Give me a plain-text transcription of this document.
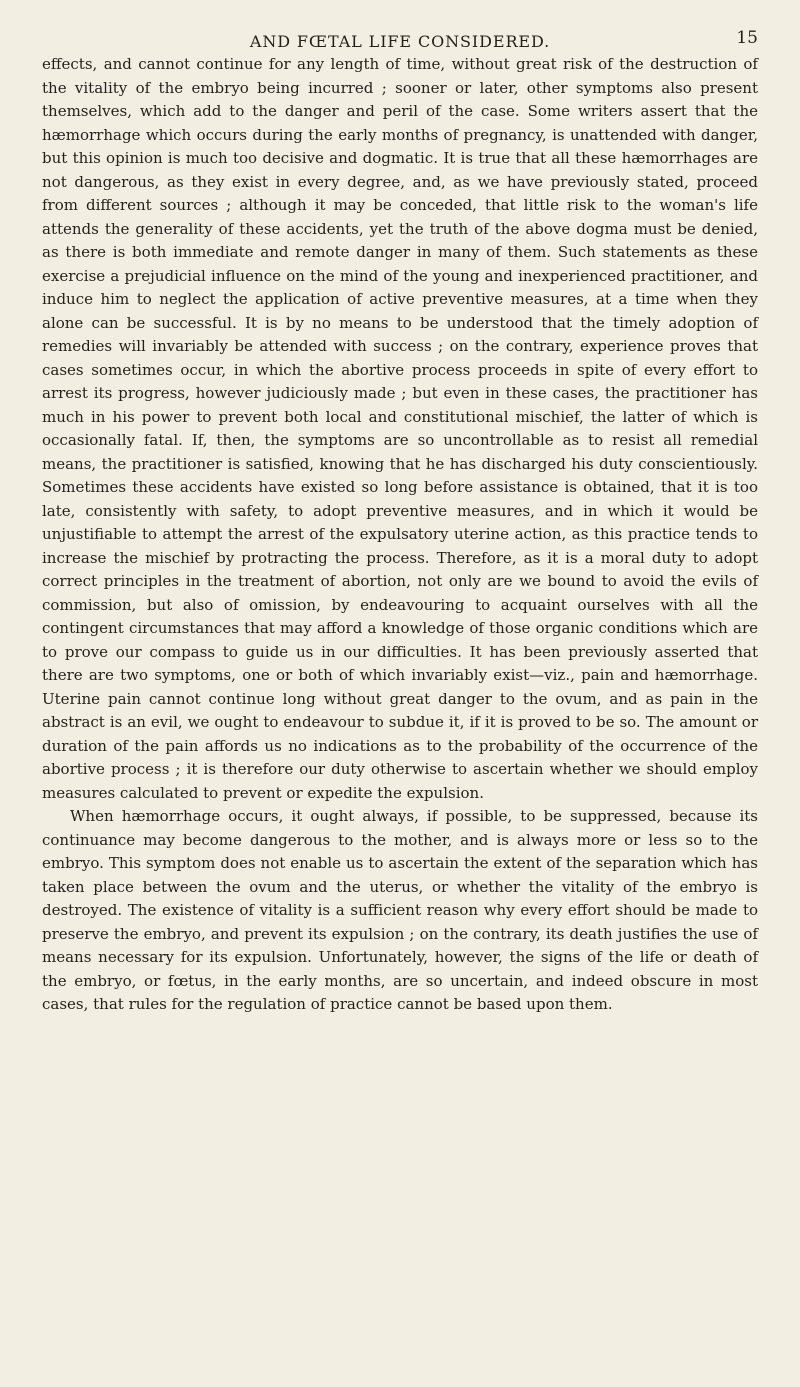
AND FŒTAL LIFE CONSIDERED.	15

effects, and cannot continue for any length of time, without great risk of the destruction of the vitality of the embryo being incurred ; sooner or later, other symptoms also present themselves, which add to the danger and peril of the case. Some writers assert that the hæmorrhage which occurs during the early months of pregnancy, is unattended with danger, but this opinion is much too decisive and dogmatic. It is true that all these hæmorrhages are not dangerous, as they exist in every degree, and, as we have previously stated, proceed from different sources ; although it may be conceded, that little risk to the woman's life attends the generality of these accidents, yet the truth of the above dogma must be denied, as there is both immediate and remote danger in many of them. Such statements as these exercise a prejudicial influence on the mind of the young and inexperienced practitioner, and induce him to neglect the application of active preventive measures, at a time when they alone can be successful. It is by no means to be understood that the timely adoption of remedies will invariably be attended with success ; on the contrary, experience proves that cases sometimes occur, in which the abortive process proceeds in spite of every effort to arrest its progress, however judiciously made ; but even in these cases, the practitioner has much in his power to prevent both local and constitutional mischief, the latter of which is occasionally fatal. If, then, the symptoms are so uncontrollable as to resist all remedial means, the practitioner is satisfied, knowing that he has discharged his duty conscientiously. Sometimes these accidents have existed so long before assistance is obtained, that it is too late, consistently with safety, to adopt preventive measures, and in which it would be unjustifiable to attempt the arrest of the expulsatory uterine action, as this practice tends to increase the mischief by protracting the process. Therefore, as it is a moral duty to adopt correct principles in the treatment of abortion, not only are we bound to avoid the evils of commission, but also of omission, by endeavouring to acquaint ourselves with all the contingent circumstances that may afford a knowledge of those organic conditions which are to prove our compass to guide us in our difficulties. It has been previously asserted that there are two symptoms, one or both of which invariably exist—viz., pain and hæmorrhage. Uterine pain cannot continue long without great danger to the ovum, and as pain in the abstract is an evil, we ought to endeavour to subdue it, if it is proved to be so. The amount or duration of the pain affords us no indications as to the probability of the occurrence of the abortive process ; it is therefore our duty otherwise to ascertain whether we should employ measures calculated to prevent or expedite the expulsion.

When hæmorrhage occurs, it ought always, if possible, to be suppressed, because its continuance may become dangerous to the mother, and is always more or less so to the embryo. This symptom does not enable us to ascertain the extent of the separation which has taken place between the ovum and the uterus, or whether the vitality of the embryo is destroyed. The existence of vitality is a sufficient reason why every effort should be made to preserve the embryo, and prevent its expulsion ; on the contrary, its death justifies the use of means necessary for its expulsion. Unfortunately, however, the signs of the life or death of the embryo, or fœtus, in the early months, are so uncertain, and indeed obscure in most cases, that rules for the regulation of practice cannot be based upon them.
